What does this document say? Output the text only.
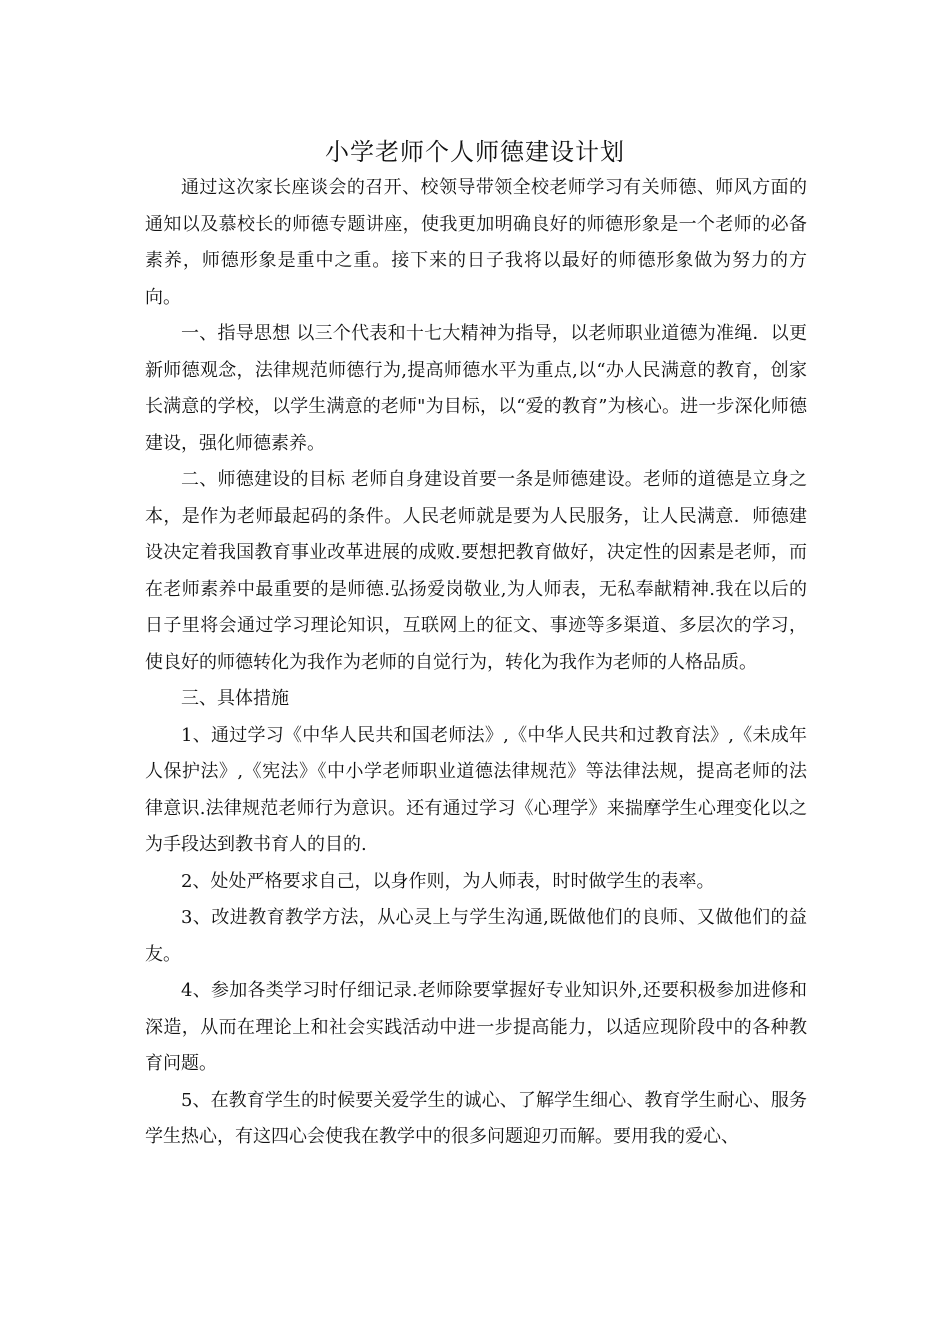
小学老师个人师德建设计划

通过这次家长座谈会的召开、校领导带领全校老师学习有关师德、师风方面的通知以及慕校长的师德专题讲座，使我更加明确良好的师德形象是一个老师的必备素养，师德形象是重中之重。接下来的日子我将以最好的师德形象做为努力的方向。

一、指导思想 以三个代表和十七大精神为指导，以老师职业道德为准绳．以更新师德观念，法律规范师德行为,提高师德水平为重点,以“办人民满意的教育，创家长满意的学校，以学生满意的老师"为目标，以“爱的教育”为核心。进一步深化师德建设，强化师德素养。

二、师德建设的目标 老师自身建设首要一条是师德建设。老师的道德是立身之本，是作为老师最起码的条件。人民老师就是要为人民服务，让人民满意．师德建设决定着我国教育事业改革进展的成败.要想把教育做好，决定性的因素是老师，而在老师素养中最重要的是师德.弘扬爱岗敬业,为人师表，无私奉献精神.我在以后的日子里将会通过学习理论知识，互联网上的征文、事迹等多渠道、多层次的学习，使良好的师德转化为我作为老师的自觉行为，转化为我作为老师的人格品质。

三、具体措施

1、通过学习《中华人民共和国老师法》,《中华人民共和过教育法》,《未成年人保护法》,《宪法》《中小学老师职业道德法律规范》等法律法规，提高老师的法律意识.法律规范老师行为意识。还有通过学习《心理学》来揣摩学生心理变化以之为手段达到教书育人的目的.

2、处处严格要求自己，以身作则，为人师表，时时做学生的表率。

3、改进教育教学方法，从心灵上与学生沟通,既做他们的良师、又做他们的益友。

4、参加各类学习时仔细记录.老师除要掌握好专业知识外,还要积极参加进修和深造，从而在理论上和社会实践活动中进一步提高能力，以适应现阶段中的各种教育问题。

5、在教育学生的时候要关爱学生的诚心、了解学生细心、教育学生耐心、服务学生热心，有这四心会使我在教学中的很多问题迎刃而解。要用我的爱心、
